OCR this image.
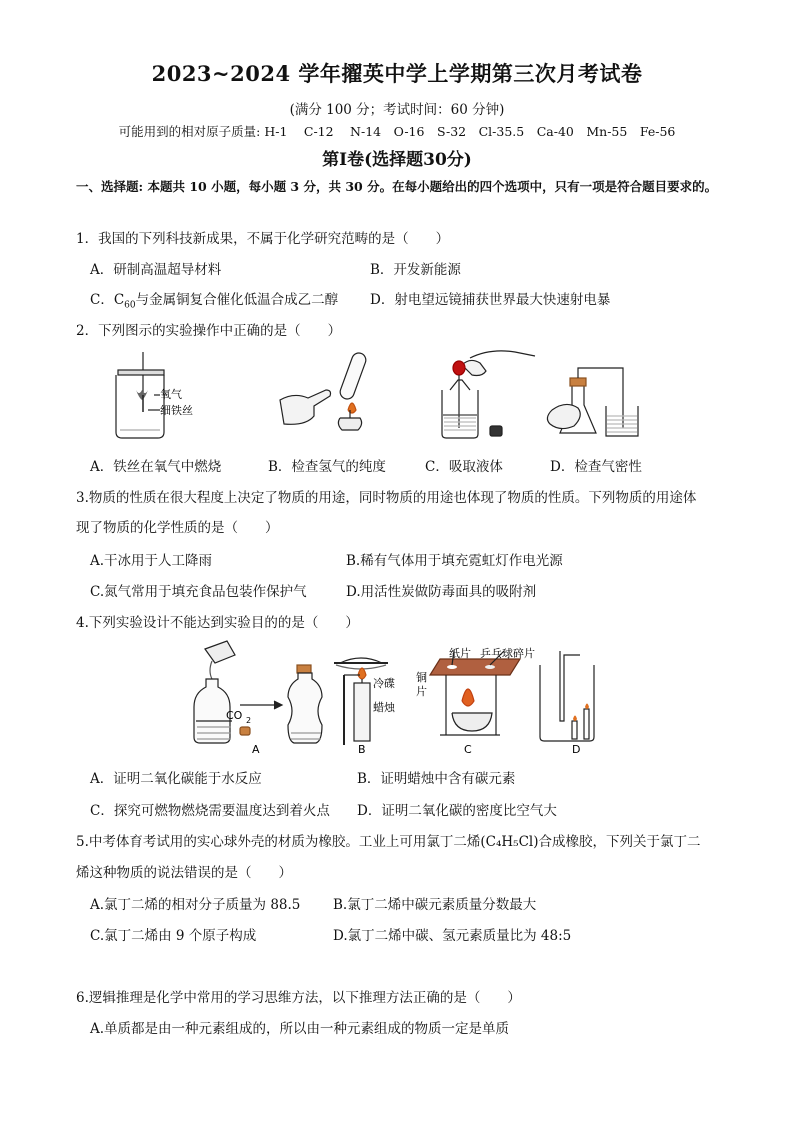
2023~2024 学年擢英中学上学期第三次月考试卷
(满分 100 分；考试时间：60 分钟)
可能用到的相对原子质量: H-1　 C-12　 N-14　O-16　S-32　Cl-35.5　Ca-40　Mn-55　Fe-56
第Ⅰ卷(选择题30分)
一、选择题: 本题共 10 小题，每小题 3 分，共 30 分。在每小题给出的四个选项中，只有一项是符合题目要求的。
1．我国的下列科技新成果，不属于化学研究范畴的是（　　）
A．研制高温超导材料	B．开发新能源
C．$C_{60}$与金属铜复合催化低温合成乙二醇 D．射电望远镜捕获世界最大快速射电暴
2．下列图示的实验操作中正确的是（　　）
氧气
细铁丝
A．铁丝在氧气中燃烧	B．检查氢气的纯度	C．吸取液体	D．检查气密性
3.物质的性质在很大程度上决定了物质的用途，同时物质的用途也体现了物质的性质。下列物质的用途体
现了物质的化学性质的是（　　）
A.干冰用于人工降雨	B.稀有气体用于填充霓虹灯作电光源
C.氮气常用于填充食品包装作保护气	D.用活性炭做防毒面具的吸附剂
4.下列实验设计不能达到实验目的的是（　　）
CO 2
A
冷碟
蜡烛
B
纸片 乒乓球碎片
铜
片
C	D
A．证明二氧化碳能于水反应	B．证明蜡烛中含有碳元素
C．探究可燃物燃烧需要温度达到着火点 D．证明二氧化碳的密度比空气大
5.中考体育考试用的实心球外壳的材质为橡胶。工业上可用氯丁二烯(C₄H₅Cl)合成橡胶，下列关于氯丁二
烯这种物质的说法错误的是（　　）
A.氯丁二烯的相对分子质量为 88.5 B.氯丁二烯中碳元素质量分数最大
C.氯丁二烯由 9 个原子构成	D.氯丁二烯中碳、氢元素质量比为 48:5
6.逻辑推理是化学中常用的学习思维方法，以下推理方法正确的是（　　）
A.单质都是由一种元素组成的，所以由一种元素组成的物质一定是单质
